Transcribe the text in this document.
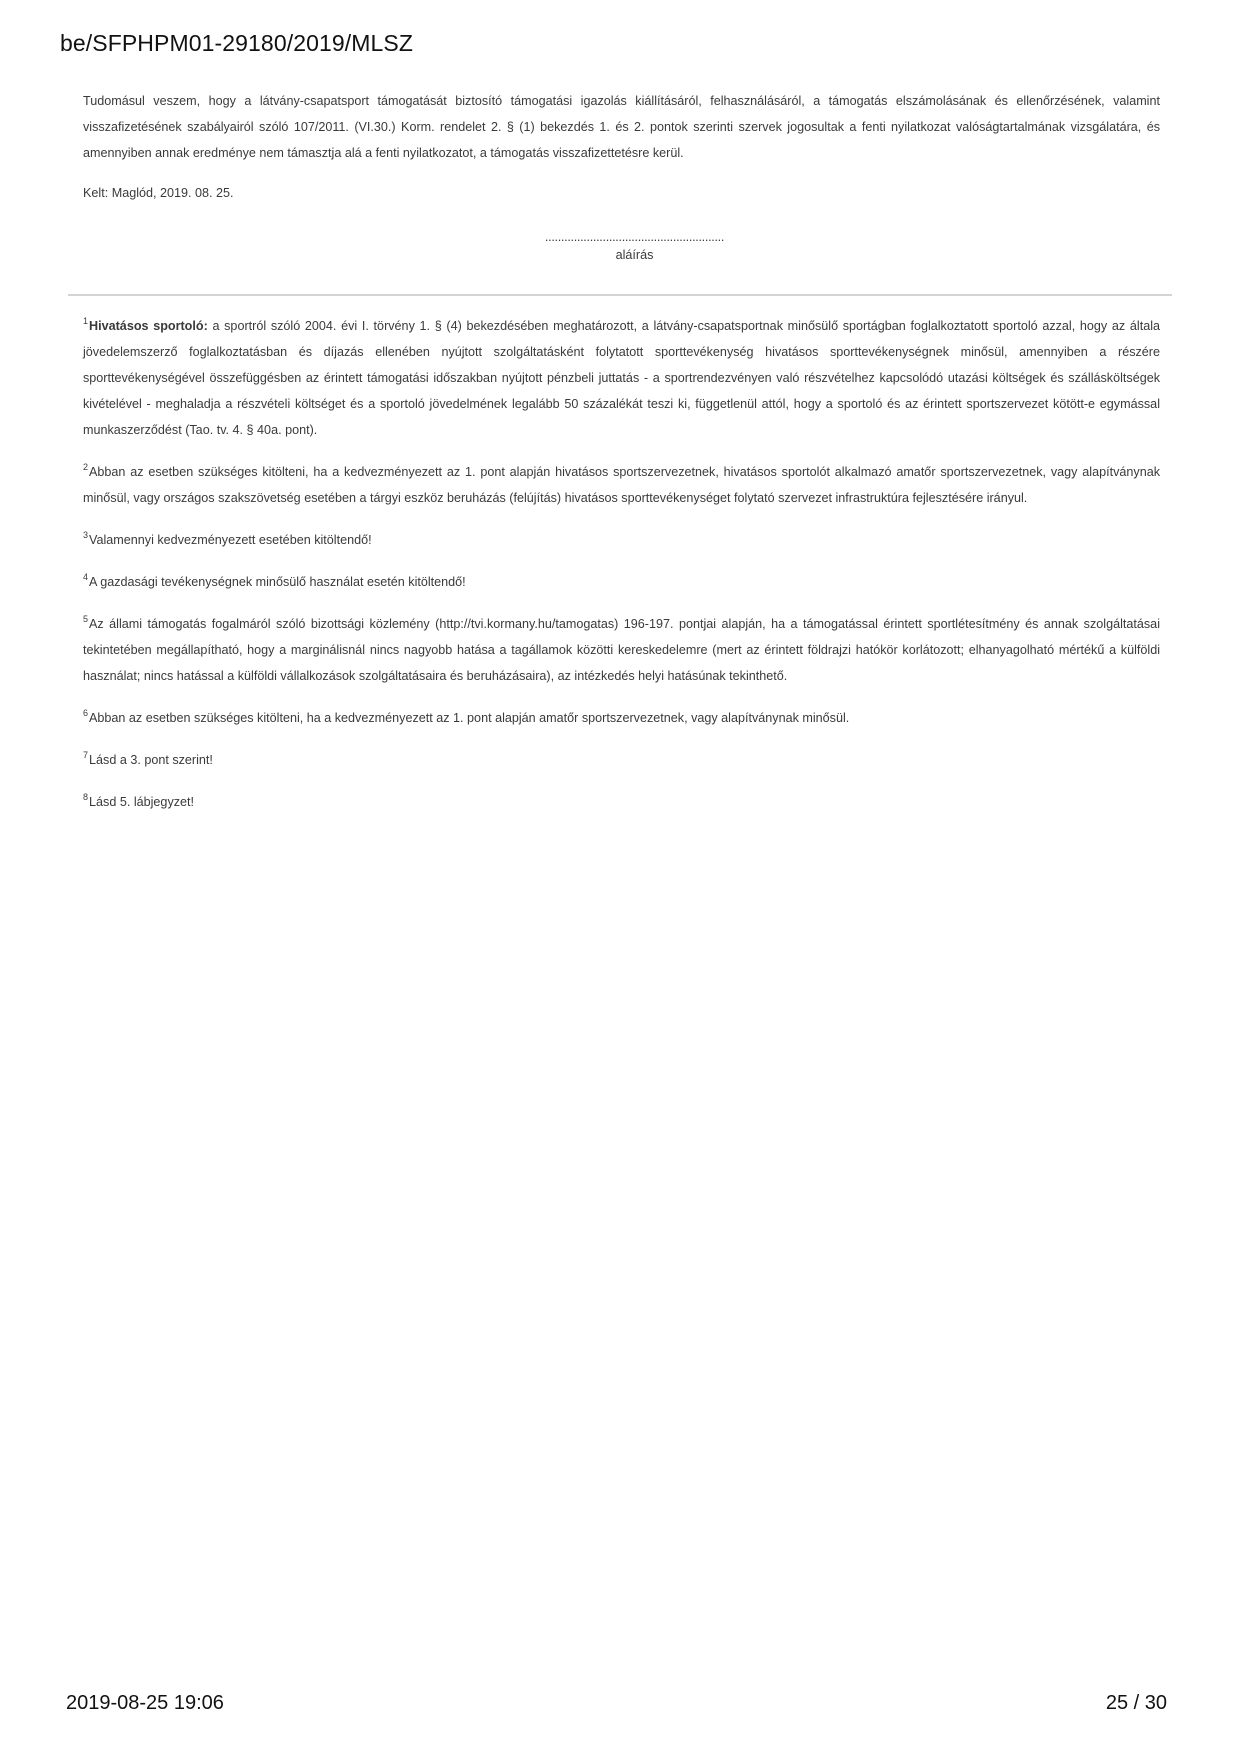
be/SFPHPM01-29180/2019/MLSZ

Tudomásul veszem, hogy a látvány-csapatsport támogatását biztosító támogatási igazolás kiállításáról, felhasználásáról, a támogatás elszámolásának és ellenőrzésének, valamint visszafizetésének szabályairól szóló 107/2011. (VI.30.) Korm. rendelet 2. § (1) bekezdés 1. és 2. pontok szerinti szervek jogosultak a fenti nyilatkozat valóságtartalmának vizsgálatára, és amennyiben annak eredménye nem támasztja alá a fenti nyilatkozatot, a támogatás visszafizettetésre kerül.

Kelt: Maglód, 2019. 08. 25.

........................................................
aláírás

$^1$Hivatásos sportoló: a sportról szóló 2004. évi I. törvény 1. § (4) bekezdésében meghatározott, a látvány-csapatsportnak minősülő sportágban foglalkoztatott sportoló azzal, hogy az általa jövedelemszerző foglalkoztatásban és díjazás ellenében nyújtott szolgáltatásként folytatott sporttevékenység hivatásos sporttevékenységnek minősül, amennyiben a részére sporttevékenységével összefüggésben az érintett támogatási időszakban nyújtott pénzbeli juttatás - a sportrendezvényen való részvételhez kapcsolódó utazási költségek és szállásköltségek kivételével - meghaladja a részvételi költséget és a sportoló jövedelmének legalább 50 százalékát teszi ki, függetlenül attól, hogy a sportoló és az érintett sportszervezet kötött-e egymással munkaszerződést (Tao. tv. 4. § 40a. pont).

$^2$Abban az esetben szükséges kitölteni, ha a kedvezményezett az 1. pont alapján hivatásos sportszervezetnek, hivatásos sportolót alkalmazó amatőr sportszervezetnek, vagy alapítványnak minősül, vagy országos szakszövetség esetében a tárgyi eszköz beruházás (felújítás) hivatásos sporttevékenységet folytató szervezet infrastruktúra fejlesztésére irányul.

$^3$Valamennyi kedvezményezett esetében kitöltendő!

$^4$A gazdasági tevékenységnek minősülő használat esetén kitöltendő!

$^5$Az állami támogatás fogalmáról szóló bizottsági közlemény (http://tvi.kormany.hu/tamogatas) 196-197. pontjai alapján, ha a támogatással érintett sportlétesítmény és annak szolgáltatásai tekintetében megállapítható, hogy a marginálisnál nincs nagyobb hatása a tagállamok közötti kereskedelemre (mert az érintett földrajzi hatókör korlátozott; elhanyagolható mértékű a külföldi használat; nincs hatással a külföldi vállalkozások szolgáltatásaira és beruházásaira), az intézkedés helyi hatásúnak tekinthető.

$^6$Abban az esetben szükséges kitölteni, ha a kedvezményezett az 1. pont alapján amatőr sportszervezetnek, vagy alapítványnak minősül.

$^7$Lásd a 3. pont szerint!

$^8$Lásd 5. lábjegyzet!

2019-08-25 19:06	25 / 30
